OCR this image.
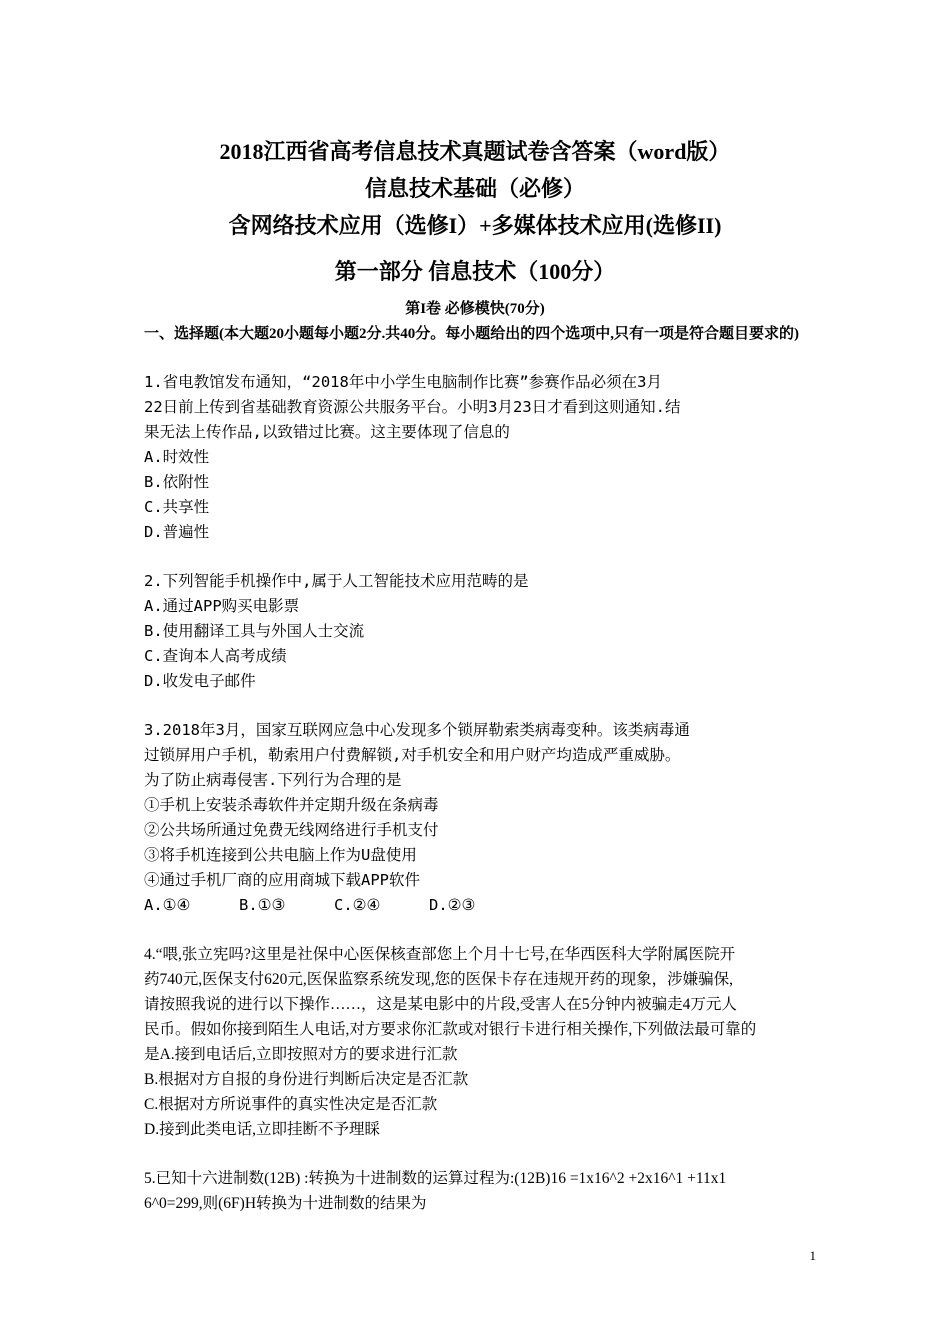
2018江西省高考信息技术真题试卷含答案（word版）
信息技术基础（必修）
含网络技术应用（选修I）+多媒体技术应用(选修II)
第一部分 信息技术（100分）
第I卷 必修模快(70分)
一、选择题(本大题20小题每小题2分.共40分。每小题给出的四个选项中,只有一项是符合题目要求的)
1.省电教馆发布通知，“2018年中小学生电脑制作比赛”参赛作品必须在3月
22日前上传到省基础教育资源公共服务平台。小明3月23日才看到这则通知.结
果无法上传作品,以致错过比赛。这主要体现了信息的
A.时效性
B.依附性
C.共享性
D.普遍性
2.下列智能手机操作中,属于人工智能技术应用范畴的是
A.通过APP购买电影票
B.使用翻译工具与外国人士交流
C.查询本人高考成绩
D.收发电子邮件
3.2018年3月，国家互联网应急中心发现多个锁屏勒索类病毒变种。该类病毒通
过锁屏用户手机，勒索用户付费解锁,对手机安全和用户财产均造成严重威胁。
为了防止病毒侵害.下列行为合理的是
①手机上安装杀毒软件并定期升级在条病毒
②公共场所通过免费无线网络进行手机支付
③将手机连接到公共电脑上作为U盘使用
④通过手机厂商的应用商城下载APP软件
A.①④	B.①③	C.②④	D.②③
4.“喂,张立宪吗?这里是社保中心医保核查部您上个月十七号,在华西医科大学附属医院开
药740元,医保支付620元,医保监察系统发现,您的医保卡存在违规开药的现象，涉嫌骗保,
请按照我说的进行以下操作……，这是某电影中的片段,受害人在5分钟内被骗走4万元人
民币。假如你接到陌生人电话,对方要求你汇款或对银行卡进行相关操作,下列做法最可靠的
是A.接到电话后,立即按照对方的要求进行汇款
B.根据对方自报的身份进行判断后决定是否汇款
C.根据对方所说事件的真实性决定是否汇款
D.接到此类电话,立即挂断不予理睬
5.已知十六进制数(12B) :转换为十进制数的运算过程为:(12B)16 =1x16^2 +2x16^1 +11x1
6^0=299,则(6F)H转换为十进制数的结果为
1
